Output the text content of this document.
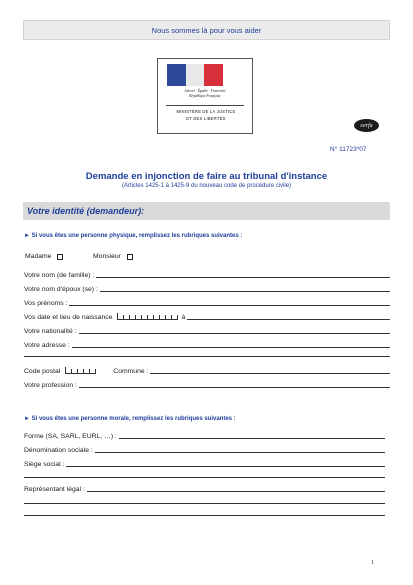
Nous sommes là pour vous aider
Liberté · Égalité · Fraternité
République Française
MINISTÈRE DE LA JUSTICE
ET DES LIBERTÉS
cerfa
N° 11723*07
Demande en injonction de faire au tribunal d'instance
(Articles 1425-1 à 1425-9 du nouveau code de procédure civile)
Votre identité (demandeur):
► Si vous êtes une personne physique, remplissez les rubriques suivantes :
Madame	Monsieur
Votre nom (de famille) :
Votre nom d'époux (se) :
Vos prénoms :
Vos date et lieu de naissance	à
Votre nationalité :
Votre adresse :
Code postal	Commune :
Votre profession :
► Si vous êtes une personne morale, remplissez les rubriques suivantes :
Forme (SA, SARL, EURL, …) :
Dénomination sociale :
Siège social :
Représentant légal :
1
